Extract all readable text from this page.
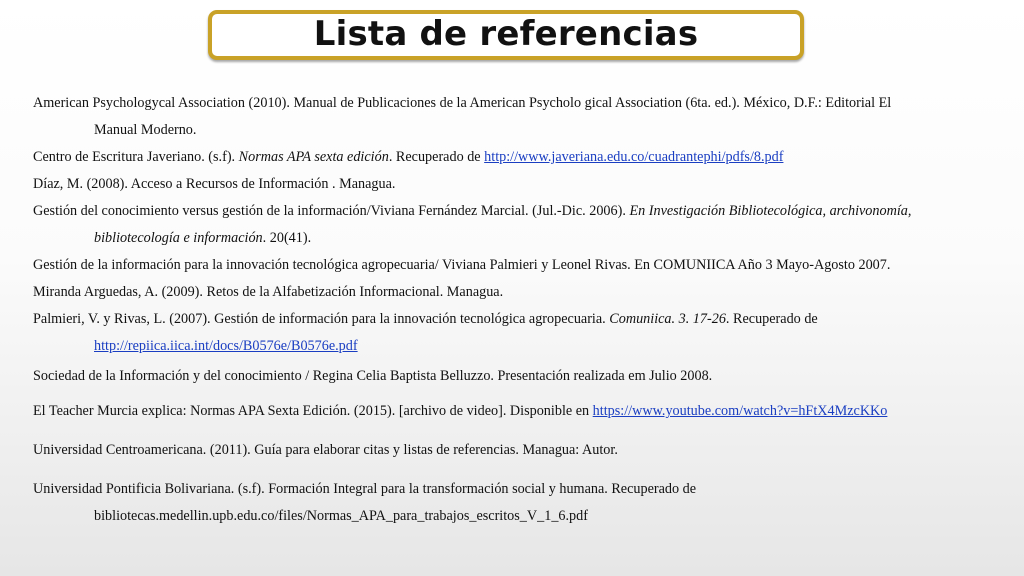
Lista de referencias
American Psychologycal Association (2010). Manual de Publicaciones de la American Psycholo gical Association (6ta. ed.). México, D.F.: Editorial El
Manual Moderno.
Centro de Escritura Javeriano. (s.f). Normas APA sexta edición. Recuperado de http://www.javeriana.edu.co/cuadrantephi/pdfs/8.pdf
Díaz, M. (2008). Acceso a Recursos de Información . Managua.
Gestión del conocimiento versus gestión de la información/Viviana Fernández Marcial. (Jul.-Dic. 2006). En Investigación Bibliotecológica, archivonomía,
bibliotecología e información. 20(41).
Gestión de la información para la innovación tecnológica agropecuaria/ Viviana Palmieri y Leonel Rivas. En COMUNIICA Año 3 Mayo-Agosto 2007.
Miranda Arguedas, A. (2009). Retos de la Alfabetización Informacional. Managua.
Palmieri, V. y Rivas, L. (2007). Gestión de información para la innovación tecnológica agropecuaria. Comuniica. 3. 17-26. Recuperado de
http://repiica.iica.int/docs/B0576e/B0576e.pdf
Sociedad de la Información y del conocimiento / Regina Celia Baptista Belluzzo. Presentación realizada em Julio 2008.
El Teacher Murcia explica: Normas APA Sexta Edición. (2015). [archivo de video]. Disponible en https://www.youtube.com/watch?v=hFtX4MzcKKo
Universidad Centroamericana. (2011). Guía para elaborar citas y listas de referencias. Managua: Autor.
Universidad Pontificia Bolivariana. (s.f). Formación Integral para la transformación social y humana. Recuperado de
bibliotecas.medellin.upb.edu.co/files/Normas_APA_para_trabajos_escritos_V_1_6.pdf
